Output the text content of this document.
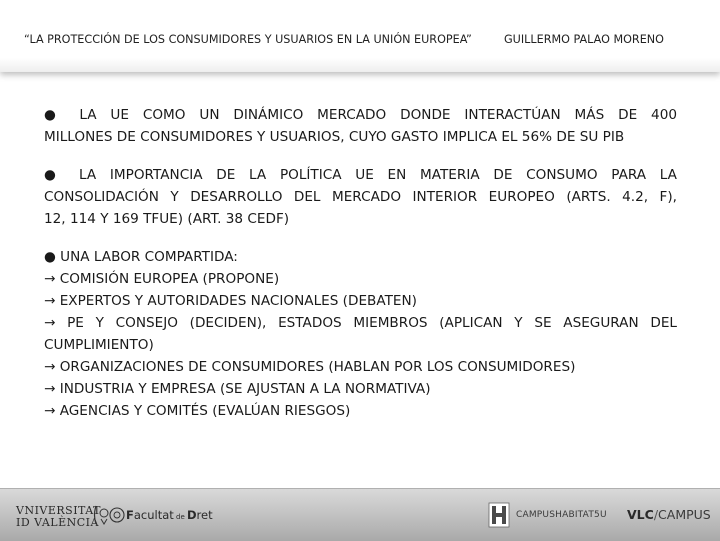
“LA PROTECCIÓN DE LOS CONSUMIDORES Y USUARIOS EN LA UNIÓN EUROPEA”	GUILLERMO PALAO MORENO
● LA UE COMO UN DINÁMICO MERCADO DONDE INTERACTÚAN MÁS DE 400
MILLONES DE CONSUMIDORES Y USUARIOS, CUYO GASTO IMPLICA EL 56% DE SU PIB
● LA IMPORTANCIA DE LA POLÍTICA UE EN MATERIA DE CONSUMO PARA LA
CONSOLIDACIÓN Y DESARROLLO DEL MERCADO INTERIOR EUROPEO (ARTS. 4.2, F),
12, 114 Y 169 TFUE) (ART. 38 CEDF)
● UNA LABOR COMPARTIDA:
→ COMISIÓN EUROPEA (PROPONE)
→ EXPERTOS Y AUTORIDADES NACIONALES (DEBATEN)
→ PE Y CONSEJO (DECIDEN), ESTADOS MIEMBROS (APLICAN Y SE ASEGURAN DEL
CUMPLIMIENTO)
→ ORGANIZACIONES DE CONSUMIDORES (HABLAN POR LOS CONSUMIDORES)
→ INDUSTRIA Y EMPRESA (SE AJUSTAN A LA NORMATIVA)
→ AGENCIAS Y COMITÉS (EVALÚAN RIESGOS)
VNIVERSITAT
ID VALÈNCIA
Facultat de Dret	CAMPUSHABITAT5U VLC/CAMPUS
